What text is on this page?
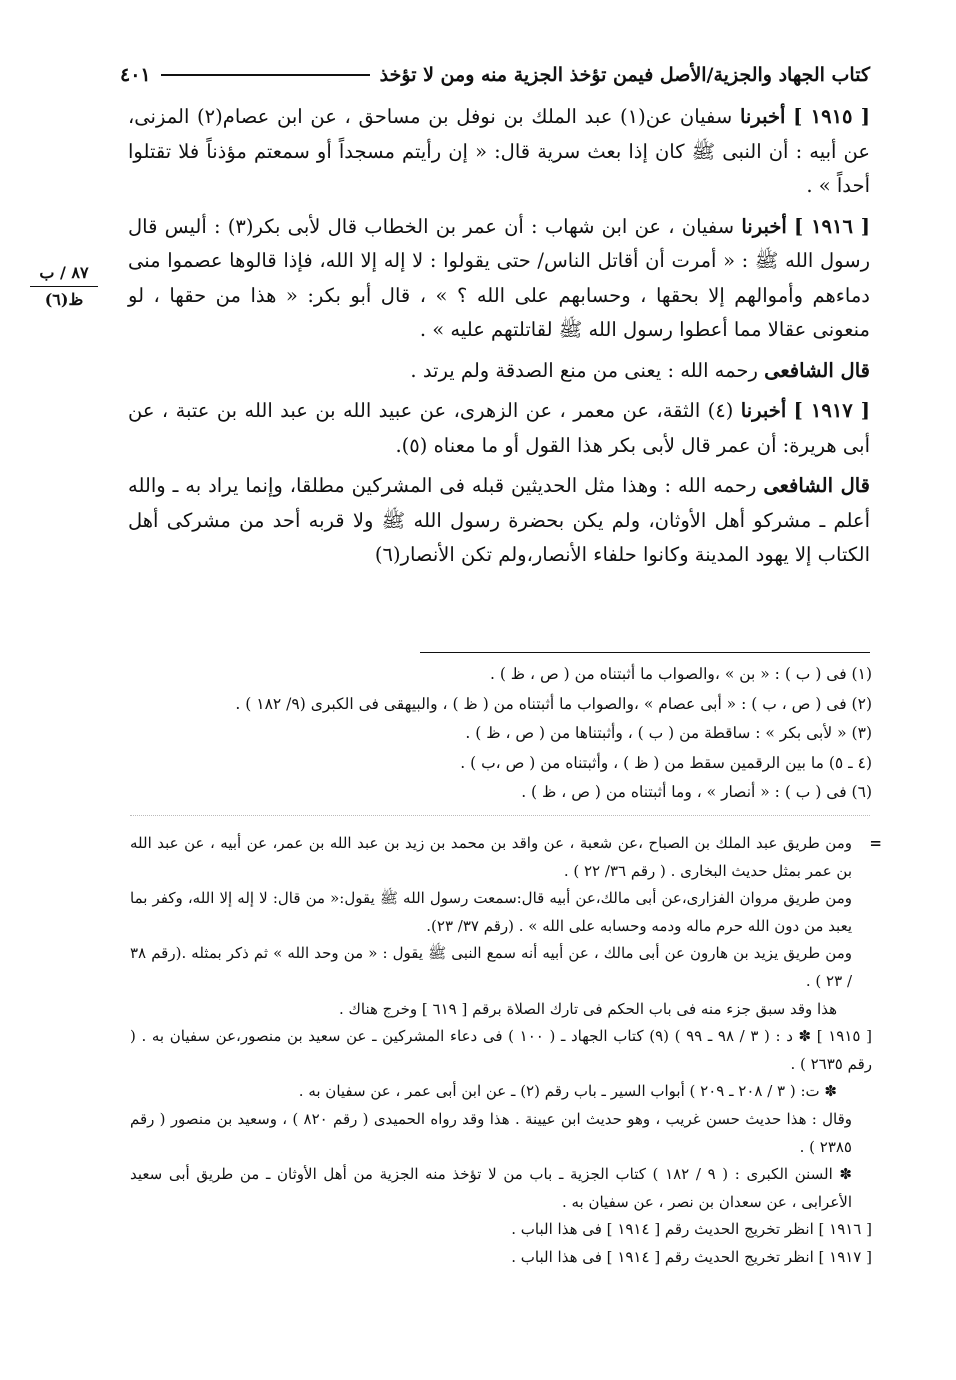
كتاب الجهاد والجزية/الأصل فيمن تؤخذ الجزية منه ومن لا تؤخذ
٤٠١
٨٧ / ب
ظ(٦)

[ ١٩١٥ ] أخبرنا سفيان عن(١) عبد الملك بن نوفل بن مساحق ، عن ابن عصام(٢) المزنى، عن أبيه : أن النبى ﷺ كان إذا بعث سرية قال: « إن رأيتم مسجداً أو سمعتم مؤذناً فلا تقتلوا أحداً » .

[ ١٩١٦ ] أخبرنا سفيان ، عن ابن شهاب : أن عمر بن الخطاب قال لأبى بكر(٣) : أليس قال رسول الله ﷺ : « أمرت أن أقاتل الناس/ حتى يقولوا : لا إله إلا الله، فإذا قالوها عصموا منى دماءهم وأموالهم إلا بحقها ، وحسابهم على الله ؟ » ، قال أبو بكر: « هذا من حقها ، لو منعونى عقالا مما أعطوا رسول الله ﷺ لقاتلتهم عليه » .

قال الشافعى رحمه الله : يعنى من منع الصدقة ولم يرتد .

[ ١٩١٧ ] أخبرنا (٤) الثقة، عن معمر ، عن الزهرى، عن عبيد الله بن عبد الله بن عتبة ، عن أبى هريرة: أن عمر قال لأبى بكر هذا القول أو ما معناه (٥).

قال الشافعى رحمه الله : وهذا مثل الحديثين قبله فى المشركين مطلقا، وإنما يراد به ـ والله أعلم ـ مشركو أهل الأوثان، ولم يكن بحضرة رسول الله ﷺ ولا قربه أحد من مشركى أهل الكتاب إلا يهود المدينة وكانوا حلفاء الأنصار،ولم تكن الأنصار(٦)

(١) فى ( ب ) : « بن » ،والصواب ما أثبتناه من ( ص ، ظ ) .
(٢) فى ( ص ، ب ) : « أبى عصام » ،والصواب ما أثبتناه من ( ظ ) ، والبيهقى فى الكبرى (٩/ ١٨٢ ) .
(٣) « لأبى بكر » : ساقطة من ( ب ) ، وأثبتناها من ( ص ، ظ ) .
(٤ ـ ٥) ما بين الرقمين سقط من ( ظ ) ، وأثبتناه من ( ص ،ب ) .
(٦) فى ( ب ) : « أنصار » ، وما أثبتناه من ( ص ، ظ ) .
=

ومن طريق عبد الملك بن الصباح ،عن شعبة ، عن واقد بن محمد بن زيد بن عبد الله بن عمر، عن أبيه ، عن عبد الله بن عمر بمثل حديث البخارى . ( رقم ٣٦/ ٢٢ ) .

ومن طريق مروان الفزارى،عن أبى مالك،عن أبيه قال:سمعت رسول الله ﷺ يقول:« من قال: لا إله إلا الله، وكفر بما يعبد من دون الله حرم ماله ودمه وحسابه على الله » . (رقم ٣٧/ ٢٣).

ومن طريق يزيد بن هارون عن أبى مالك ، عن أبيه أنه سمع النبى ﷺ يقول : « من وحد الله » ثم ذكر بمثله .(رقم ٣٨ / ٢٣ ) .

هذا وقد سبق جزء منه فى باب الحكم فى تارك الصلاة برقم [ ٦١٩ ] وخرج هناك .

[ ١٩١٥ ] ✽ د : ( ٣ / ٩٨ ـ ٩٩ ) (٩) كتاب الجهاد ـ ( ١٠٠ ) فى دعاء المشركين ـ عن سعيد بن منصور،عن سفيان به . ( رقم ٢٦٣٥ ) .

✽ ت: ( ٣ / ٢٠٨ ـ ٢٠٩ ) أبواب السير ـ باب رقم (٢) ـ عن ابن أبى عمر ، عن سفيان به .

وقال : هذا حديث حسن غريب ، وهو حديث ابن عيينة . هذا وقد رواه الحميدى ( رقم ٨٢٠ ) ، وسعيد بن منصور ( رقم ٢٣٨٥ ) .

✽ السنن الكبرى : ( ٩ / ١٨٢ ) كتاب الجزية ـ باب من لا تؤخذ منه الجزية من أهل الأوثان ـ من طريق أبى سعيد الأعرابى ، عن سعدان بن نصر ، عن سفيان به .

[ ١٩١٦ ] انظر تخريج الحديث رقم [ ١٩١٤ ] فى هذا الباب .

[ ١٩١٧ ] انظر تخريج الحديث رقم [ ١٩١٤ ] فى هذا الباب .
